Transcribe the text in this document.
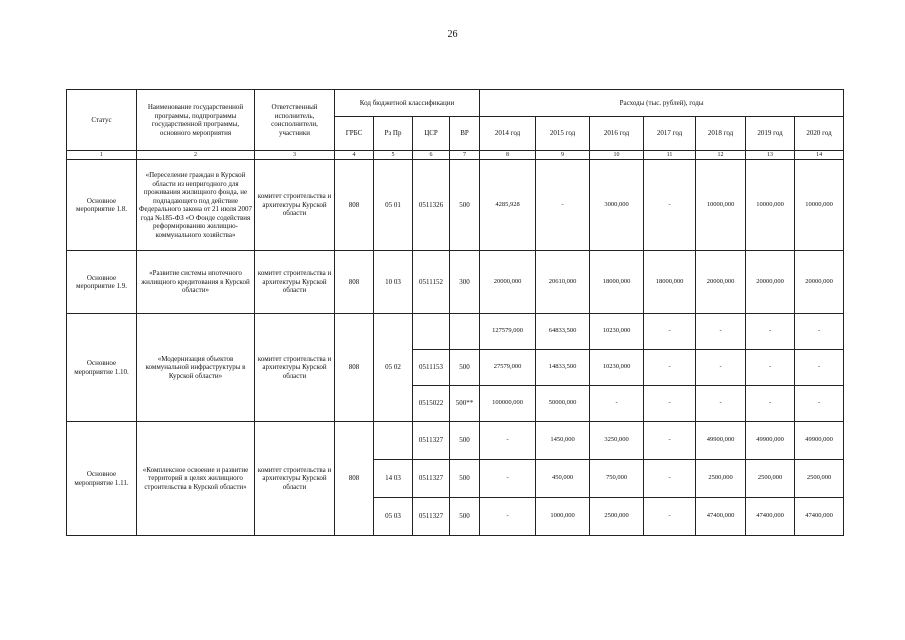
26
Статус	Наименование государственной программы, подпрограммы государственной программы, основного мероприятия	Ответственный исполнитель, соисполнители, участники	Код бюджетной классификации				Расходы (тыс. рублей), годы						
			ГРБС	Рз Пр	ЦСР	ВР	2014 год	2015 год	2016 год	2017 год	2018 год	2019 год	2020 год
1	2	3	4	5	6	7	8	9	10	11	12	13	14
Основное мероприятие 1.8.	«Переселение граждан в Курской области из непригодного для проживания жилищного фонда, не подпадающего под действие Федерального закона от 21 июля 2007 года №185-ФЗ «О Фонде содействия реформированию жилищно-коммунального хозяйства»	комитет строительства и архитектуры Курской области	808	05 01	0511326	500	4285,928	-	3000,000	-	10000,000	10000,000	10000,000
Основное мероприятие 1.9.	«Развитие системы ипотечного жилищного кредитования в Курской области»	комитет строительства и архитектуры Курской области	808	10 03	0511152	300	20000,000	20610,000	18000,000	18000,000	20000,000	20000,000	20000,000
Основное мероприятие 1.10.	«Модернизация объектов коммунальной инфраструктуры в Курской области»	комитет строительства и архитектуры Курской области	808	05 02			127579,000	64833,500	10230,000	-	-	-	-
					0511153	500	27579,000	14833,500	10230,000	-	-	-	-
					0515022	500**	100000,000	50000,000	-	-	-	-	-
Основное мероприятие 1.11.	«Комплексное освоение и развитие территорий в целях жилищного строительства в Курской области»	комитет строительства и архитектуры Курской области	808		0511327	500	-	1450,000	3250,000	-	49900,000	49900,000	49900,000
				14 03	0511327	500	-	450,000	750,000	-	2500,000	2500,000	2500,000
				05 03	0511327	500	-	1000,000	2500,000	-	47400,000	47400,000	47400,000
